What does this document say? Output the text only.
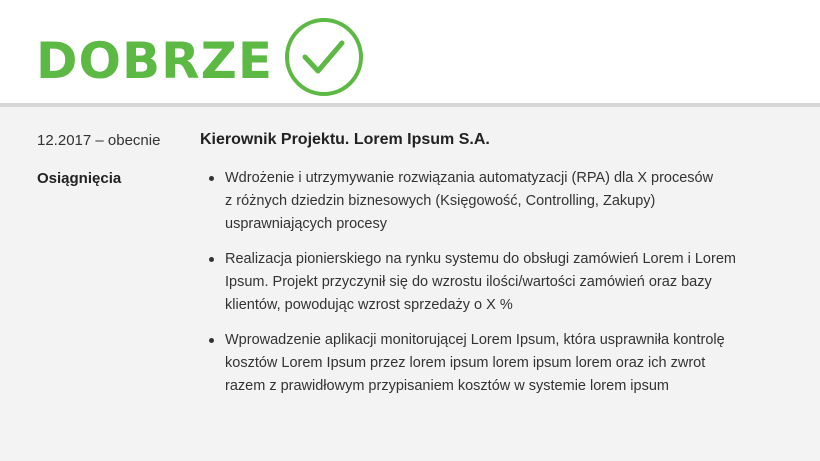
DOBRZE
12.2017 – obecnie Kierownik Projektu. Lorem Ipsum S.A.
Osiągnięcia	Wdrożenie i utrzymywanie rozwiązania automatyzacji (RPA) dla X procesów
z różnych dziedzin biznesowych (Księgowość, Controlling, Zakupy)
usprawniających procesy
Realizacja pionierskiego na rynku systemu do obsługi zamówień Lorem i Lorem
Ipsum. Projekt przyczynił się do wzrostu ilości/wartości zamówień oraz bazy
klientów, powodując wzrost sprzedaży o X %
Wprowadzenie aplikacji monitorującej Lorem Ipsum, która usprawniła kontrolę
kosztów Lorem Ipsum przez lorem ipsum lorem ipsum lorem oraz ich zwrot
razem z prawidłowym przypisaniem kosztów w systemie lorem ipsum
